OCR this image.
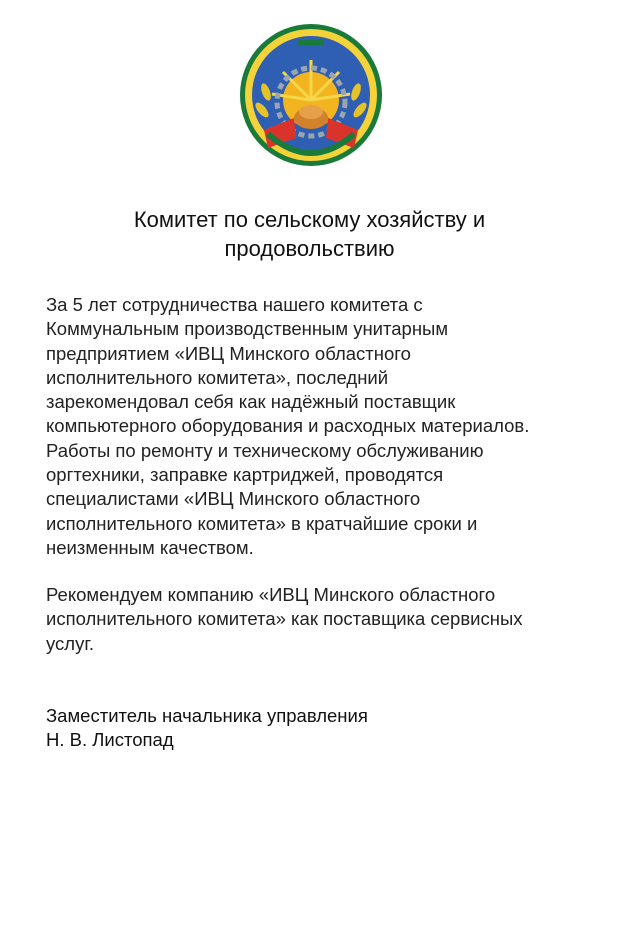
Комитет по сельскому хозяйству и
продовольствию
За 5 лет сотрудничества нашего комитета с
Коммунальным производственным унитарным
предприятием «ИВЦ Минского областного
исполнительного комитета», последний
зарекомендовал себя как надёжный поставщик
компьютерного оборудования и расходных материалов.
Работы по ремонту и техническому обслуживанию
оргтехники, заправке картриджей, проводятся
специалистами «ИВЦ Минского областного
исполнительного комитета» в кратчайшие сроки и
неизменным качеством.
Рекомендуем компанию «ИВЦ Минского областного
исполнительного комитета» как поставщика сервисных
услуг.
Заместитель начальника управления
Н. В. Листопад
